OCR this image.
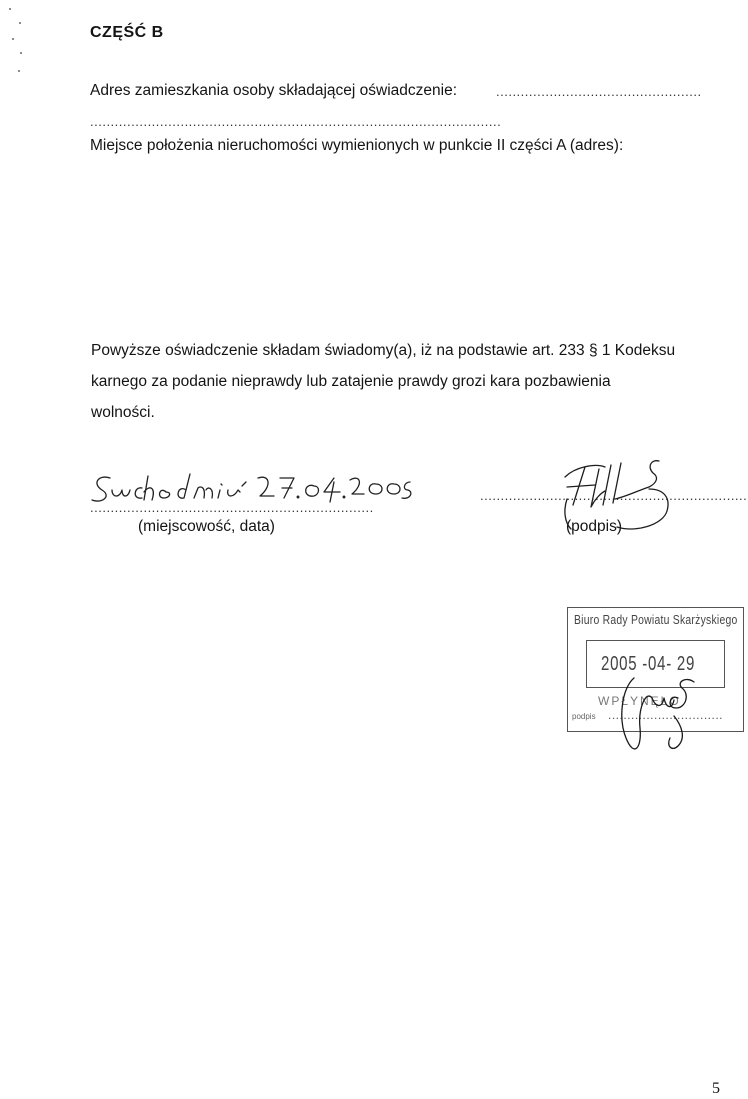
CZĘŚĆ B
Adres zamieszkania osoby składającej oświadczenie:	..................................................
....................................................................................................
Miejsce położenia nieruchomości wymienionych w punkcie II części A (adres):

Powyższe oświadczenie składam świadomy(a), iż na podstawie art. 233 § 1 Kodeksu

karnego za podanie nieprawdy lub zatajenie prawdy grozi kara pozbawienia

wolności.

.....................................................................
(miejscowość, data)
.................................................................
(podpis)
Biuro Rady Powiatu Skarżyskiego
2005 -04- 29
WPŁYNĘŁO
podpis ..............................
5
